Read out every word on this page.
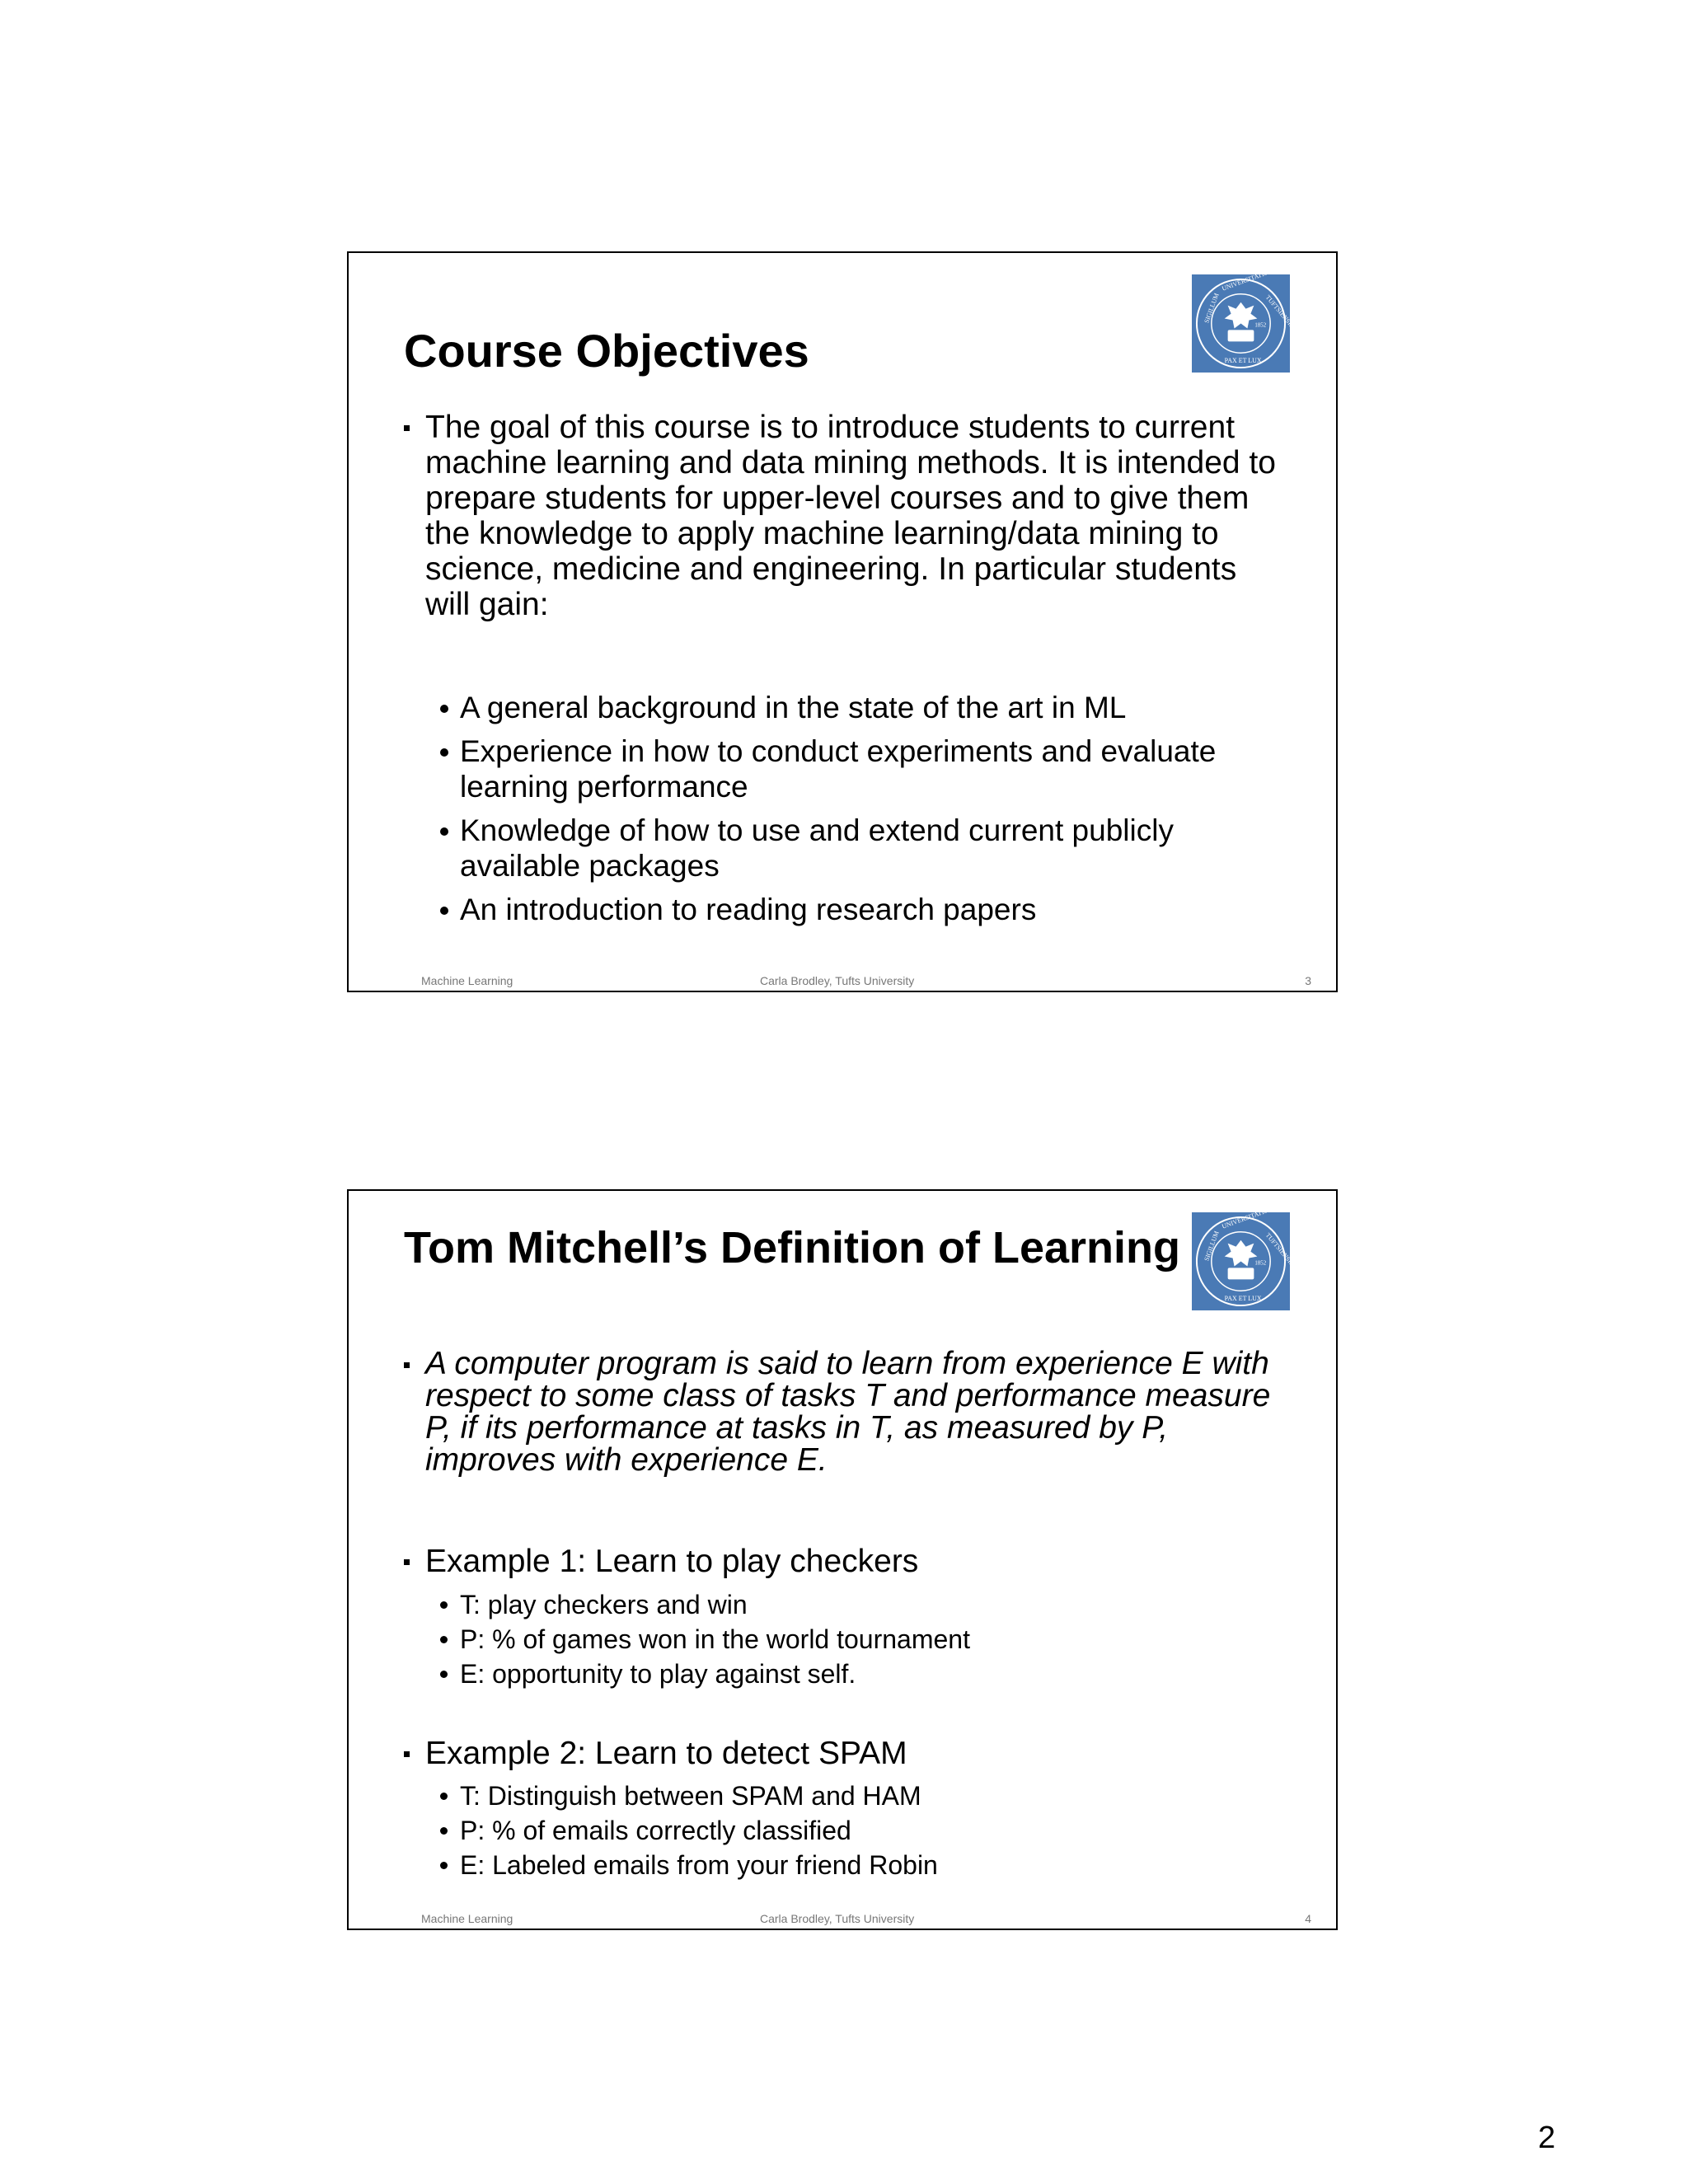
Course Objectives
The goal of this course is to introduce students to current machine learning and data mining methods. It is intended to prepare students for upper-level courses and to give them the knowledge to apply machine learning/data mining to science, medicine and engineering. In particular students will gain:
A general background in the state of the art in ML
Experience in how to conduct experiments and evaluate learning performance
Knowledge of how to use and extend current publicly available packages
An introduction to reading research papers
Machine Learning	Carla Brodley, Tufts University	3
Tom Mitchell’s Definition of Learning
A computer program is said to learn from experience E with respect to some class of tasks T and performance measure P, if its performance at tasks in T, as measured by P, improves with experience E.
Example 1: Learn to play checkers
T: play checkers and win
P: % of games won in the world tournament
E: opportunity to play against self.
Example 2: Learn to detect SPAM
T: Distinguish between SPAM and HAM
P: % of emails correctly classified
E: Labeled emails from your friend Robin
Machine Learning	Carla Brodley, Tufts University	4
2
